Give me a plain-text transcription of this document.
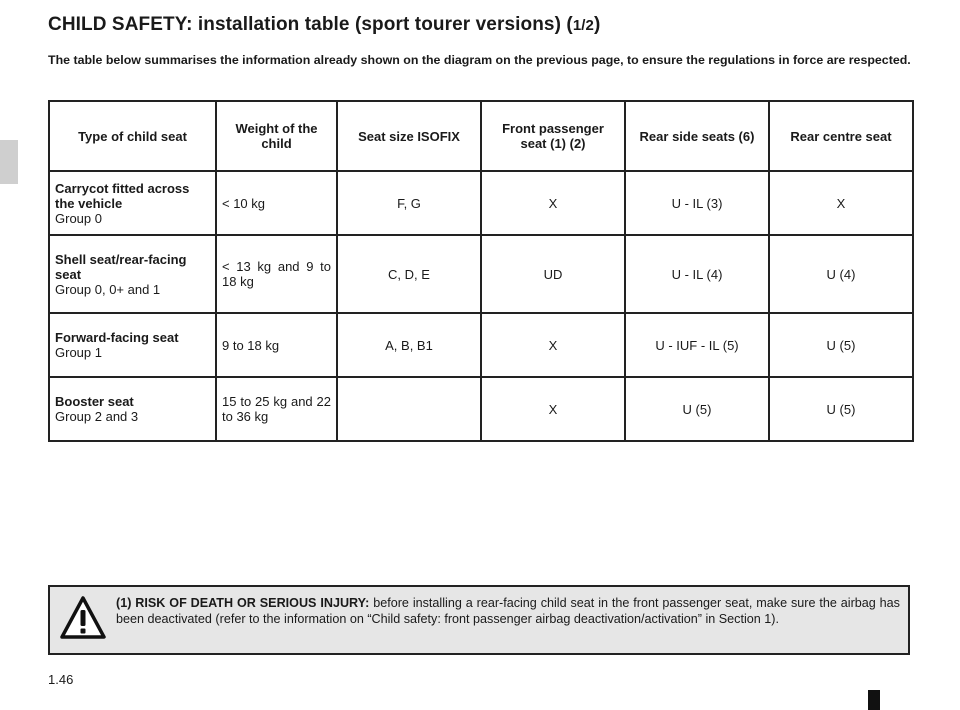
CHILD SAFETY: installation table (sport tourer versions) (1/2)

The table below summarises the information already shown on the diagram on the previous page, to ensure the regulations in force are respected.

Type of child seat	Weight of the child	Seat size ISOFIX	Front passenger seat (1) (2)	Rear side seats (6)	Rear centre seat

Carrycot fitted across the vehicle
Group 0	< 10 kg	F, G	X	U - IL (3)	X

Shell seat/rear-facing seat
Group 0, 0+ and 1	< 13 kg and 9 to 18 kg	C, D, E	UD	U - IL (4)	U (4)

Forward-facing seat
Group 1	9 to 18 kg	A, B, B1	X	U - IUF - IL (5)	U (5)

Booster seat
Group 2 and 3	15 to 25 kg and 22 to 36 kg		X	U (5)	U (5)

(1) RISK OF DEATH OR SERIOUS INJURY: before installing a rear-facing child seat in the front passenger seat, make sure the airbag has been deactivated (refer to the information on “Child safety: front passenger airbag deactivation/activation” in Section 1).

1.46
